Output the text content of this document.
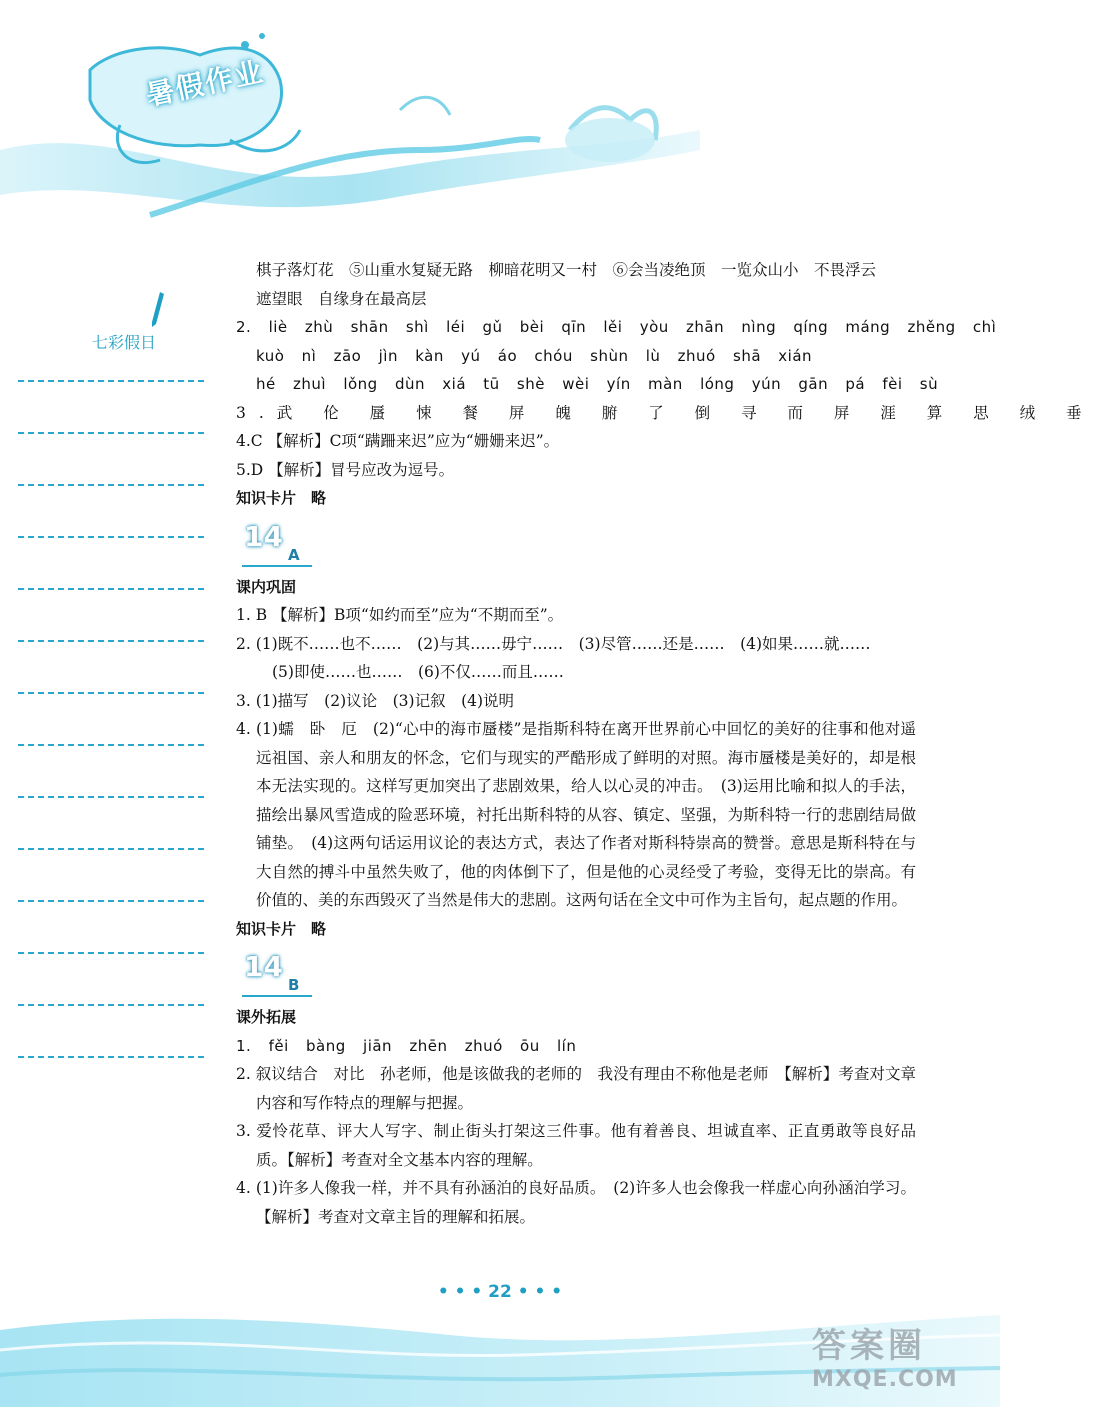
暑假作业
七彩假日
棋子落灯花　⑤山重水复疑无路　柳暗花明又一村　⑥会当凌绝顶　一览众山小　不畏浮云
遮望眼　自缘身在最高层
2. liè zhù shān shì léi gǔ bèi qīn lěi yòu zhān nìng qíng máng zhěng chì
kuò nì zāo jìn kàn yú áo chóu shùn lù zhuó shā xián
hé zhuì lǒng dùn xiá tū shè wèi yín màn lóng yún gān pá fèi sù
3.武 伦 蜃 悚 餐 屏 魄 腑 了 倒 寻 而 屏 涯 算 思 绒 垂
4.C 【解析】C项“蹒跚来迟”应为“姗姗来迟”。
5.D 【解析】冒号应改为逗号。
知识卡片　略
14
A
课内巩固
1. B 【解析】B项“如约而至”应为“不期而至”。
2. (1)既不……也不……　(2)与其……毋宁……　(3)尽管……还是……　(4)如果……就……
(5)即使……也……　(6)不仅……而且……
3. (1)描写　(2)议论　(3)记叙　(4)说明
4. (1)蠕　卧　厄　(2)“心中的海市蜃楼”是指斯科特在离开世界前心中回忆的美好的往事和他对遥远祖国、亲人和朋友的怀念，它们与现实的严酷形成了鲜明的对照。海市蜃楼是美好的，却是根本无法实现的。这样写更加突出了悲剧效果，给人以心灵的冲击。　(3)运用比喻和拟人的手法，描绘出暴风雪造成的险恶环境，衬托出斯科特的从容、镇定、坚强，为斯科特一行的悲剧结局做铺垫。　(4)这两句话运用议论的表达方式，表达了作者对斯科特崇高的赞誉。意思是斯科特在与大自然的搏斗中虽然失败了，他的肉体倒下了，但是他的心灵经受了考验，变得无比的崇高。有价值的、美的东西毁灭了当然是伟大的悲剧。这两句话在全文中可作为主旨句，起点题的作用。
知识卡片　略
14
B
课外拓展
1. fěi bàng jiān zhēn zhuó ōu lín
2. 叙议结合　对比　孙老师，他是该做我的老师的　我没有理由不称他是老师　【解析】考查对文章内容和写作特点的理解与把握。
3. 爱怜花草、评大人写字、制止街头打架这三件事。他有着善良、坦诚直率、正直勇敢等良好品质。【解析】考查对全文基本内容的理解。
4. (1)许多人像我一样，并不具有孙涵泊的良好品质。　(2)许多人也会像我一样虚心向孙涵泊学习。【解析】考查对文章主旨的理解和拓展。
• • • 22 • • •
答案圈
MXQE.COM
